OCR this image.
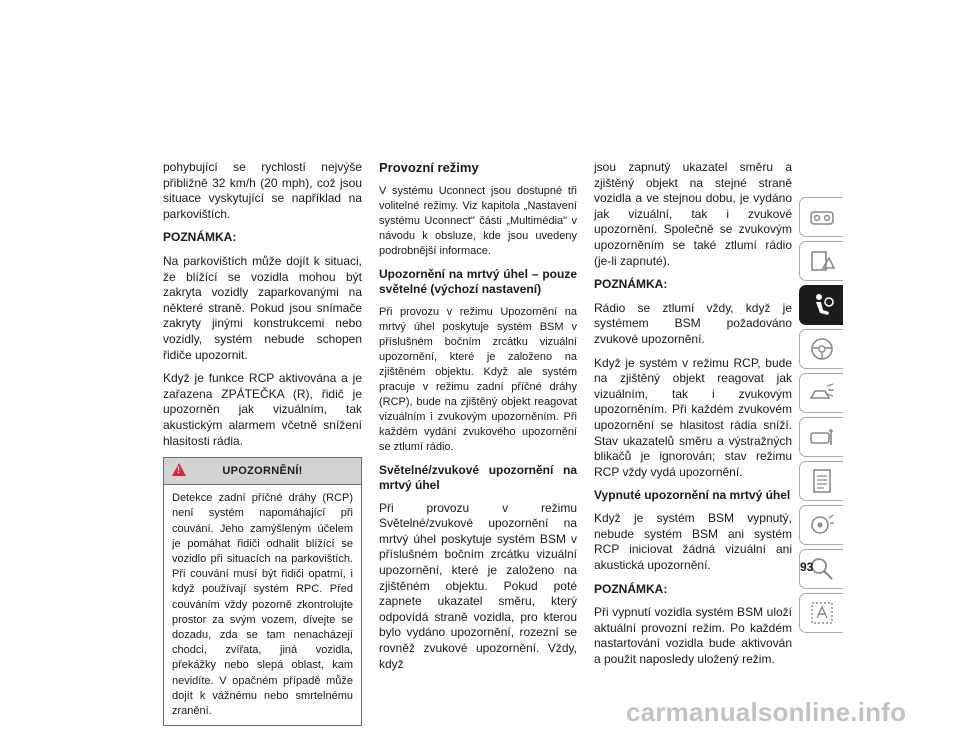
pohybující se rychlostí nejvýše přibližně 32 km/h (20 mph), což jsou situace vyskytující se například na parkovištích.

POZNÁMKA:

Na parkovištích může dojít k situaci, že blížící se vozidla mohou být zakryta vozidly zaparkovanými na některé straně. Pokud jsou snímače zakryty jinými konstrukcemi nebo vozidly, systém nebude schopen řidiče upozornit.

Když je funkce RCP aktivována a je zařazena ZPÁTEČKA (R), řidič je upozorněn jak vizuálním, tak akustickým alarmem včetně snížení hlasitosti rádia.

!	UPOZORNĚNÍ!
Detekce zadní příčné dráhy (RCP) není systém napomáhající při couvání. Jeho zamýšleným účelem je pomáhat řidiči odhalit blížící se vozidlo při situacích na parkovištích. Při couvání musí být řidiči opatrní, i když používají systém RPC. Před couváním vždy pozorně zkontrolujte prostor za svým vozem, dívejte se dozadu, zda se tam nenacházejí chodci, zvířata, jiná vozidla, překážky nebo slepá oblast, kam nevidíte. V opačném případě může dojít k vážnému nebo smrtelnému zranění.

Provozní režimy

V systému Uconnect jsou dostupné tři volitelné režimy. Viz kapitola „Nastavení systému Uconnect" části „Multimédia" v návodu k obsluze, kde jsou uvedeny podrobnější informace.

Upozornění na mrtvý úhel – pouze světelné (výchozí nastavení)

Při provozu v režimu Upozornění na mrtvý úhel poskytuje systém BSM v příslušném bočním zrcátku vizuální upozornění, které je založeno na zjištěném objektu. Když ale systém pracuje v režimu zadní příčné dráhy (RCP), bude na zjištěný objekt reagovat vizuálním i zvukovým upozorněním. Při každém vydání zvukového upozornění se ztlumí rádio.

Světelné/zvukové upozornění na mrtvý úhel

Při provozu v režimu Světelné/zvukové upozornění na mrtvý úhel poskytuje systém BSM v příslušném bočním zrcátku vizuální upozornění, které je založeno na zjištěném objektu. Pokud poté zapnete ukazatel směru, který odpovídá straně vozidla, pro kterou bylo vydáno upozornění, rozezní se rovněž zvukové upozornění. Vždy, když

jsou zapnutý ukazatel směru a zjištěný objekt na stejné straně vozidla a ve stejnou dobu, je vydáno jak vizuální, tak i zvukové upozornění. Společně se zvukovým upozorněním se také ztlumí rádio (je-li zapnuté).

POZNÁMKA:

Rádio se ztlumí vždy, když je systémem BSM požadováno zvukové upozornění.

Když je systém v režimu RCP, bude na zjištěný objekt reagovat jak vizuálním, tak i zvukovým upozorněním. Při každém zvukovém upozornění se hlasitost rádia sníží. Stav ukazatelů směru a výstražných blikačů je ignorován; stav režimu RCP vždy vydá upozornění.

Vypnuté upozornění na mrtvý úhel

Když je systém BSM vypnutý, nebude systém BSM ani systém RCP iniciovat žádná vizuální ani akustická upozornění.

POZNÁMKA:

Při vypnutí vozidla systém BSM uloží aktuální provozní režim. Po každém nastartování vozidla bude aktivován a použit naposledy uložený režim.

93
carmanualsonline.info
